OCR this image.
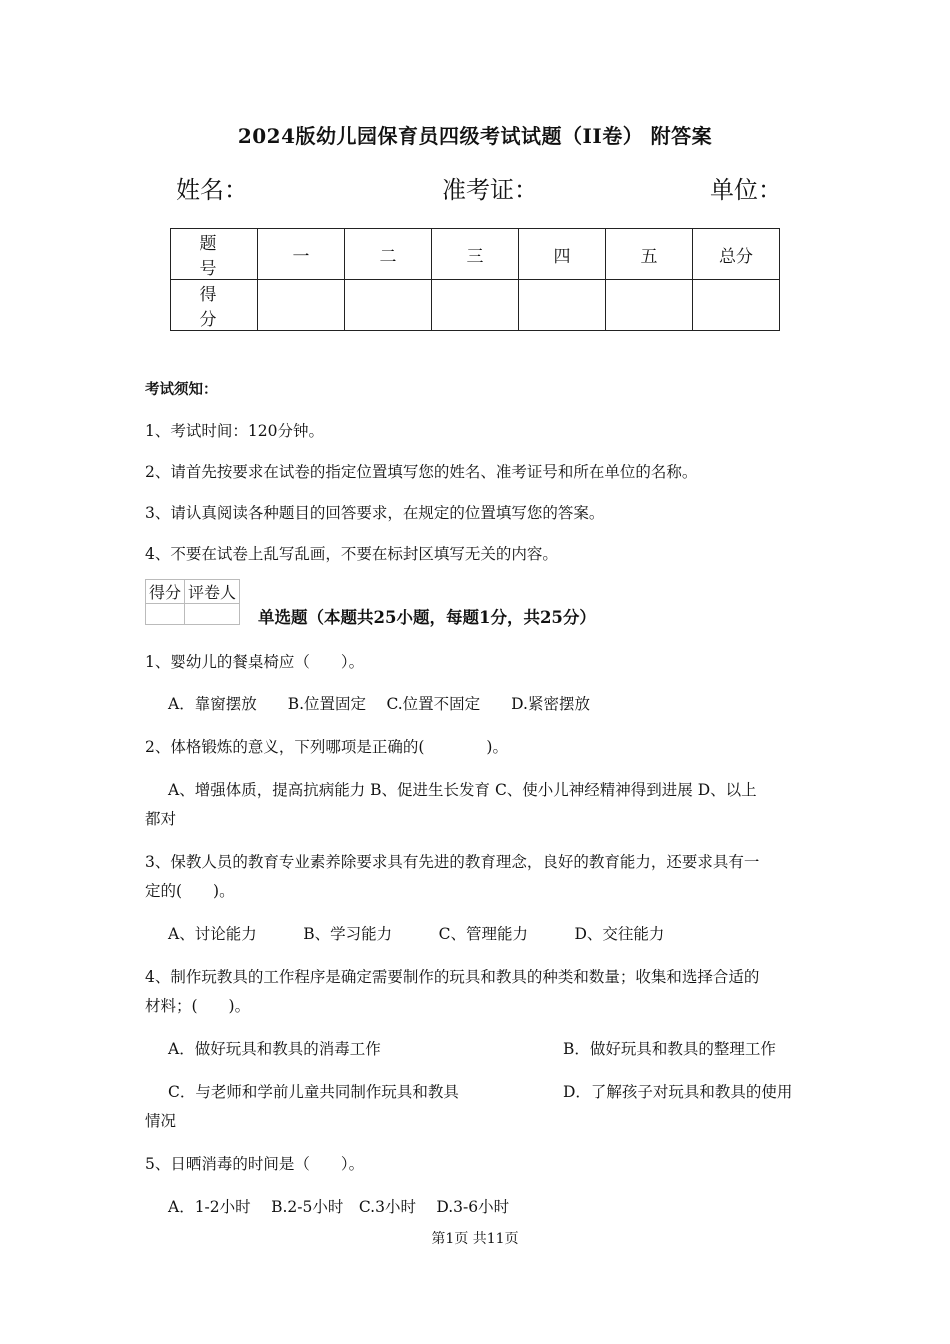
2024版幼儿园保育员四级考试试题（II卷） 附答案
姓名：	准考证：	单位：
题　号	一	二	三	四	五	总分
得　分						
考试须知：
1、考试时间：120分钟。
2、请首先按要求在试卷的指定位置填写您的姓名、准考证号和所在单位的名称。
3、请认真阅读各种题目的回答要求，在规定的位置填写您的答案。
4、不要在试卷上乱写乱画，不要在标封区填写无关的内容。
得分	评卷人

单选题（本题共25小题，每题1分，共25分）
1、婴幼儿的餐桌椅应（　　）。
A．靠窗摆放　　B.位置固定　 C.位置不固定　　D.紧密摆放
2、体格锻炼的意义，下列哪项是正确的(　　　　)。
A、增强体质，提高抗病能力 B、促进生长发育 C、使小儿神经精神得到进展 D、以上
都对
3、保教人员的教育专业素养除要求具有先进的教育理念，良好的教育能力，还要求具有一
定的(　　)。
A、讨论能力　　　B、学习能力　　　C、管理能力　　　D、交往能力
4、制作玩教具的工作程序是确定需要制作的玩具和教具的种类和数量；收集和选择合适的
材料；(　　)。
A．做好玩具和教具的消毒工作	B．做好玩具和教具的整理工作
C．与老师和学前儿童共同制作玩具和教具	D．了解孩子对玩具和教具的使用
情况
5、日晒消毒的时间是（　　）。
A．1-2小时　 B.2-5小时　C.3小时　 D.3-6小时
第1页 共11页
